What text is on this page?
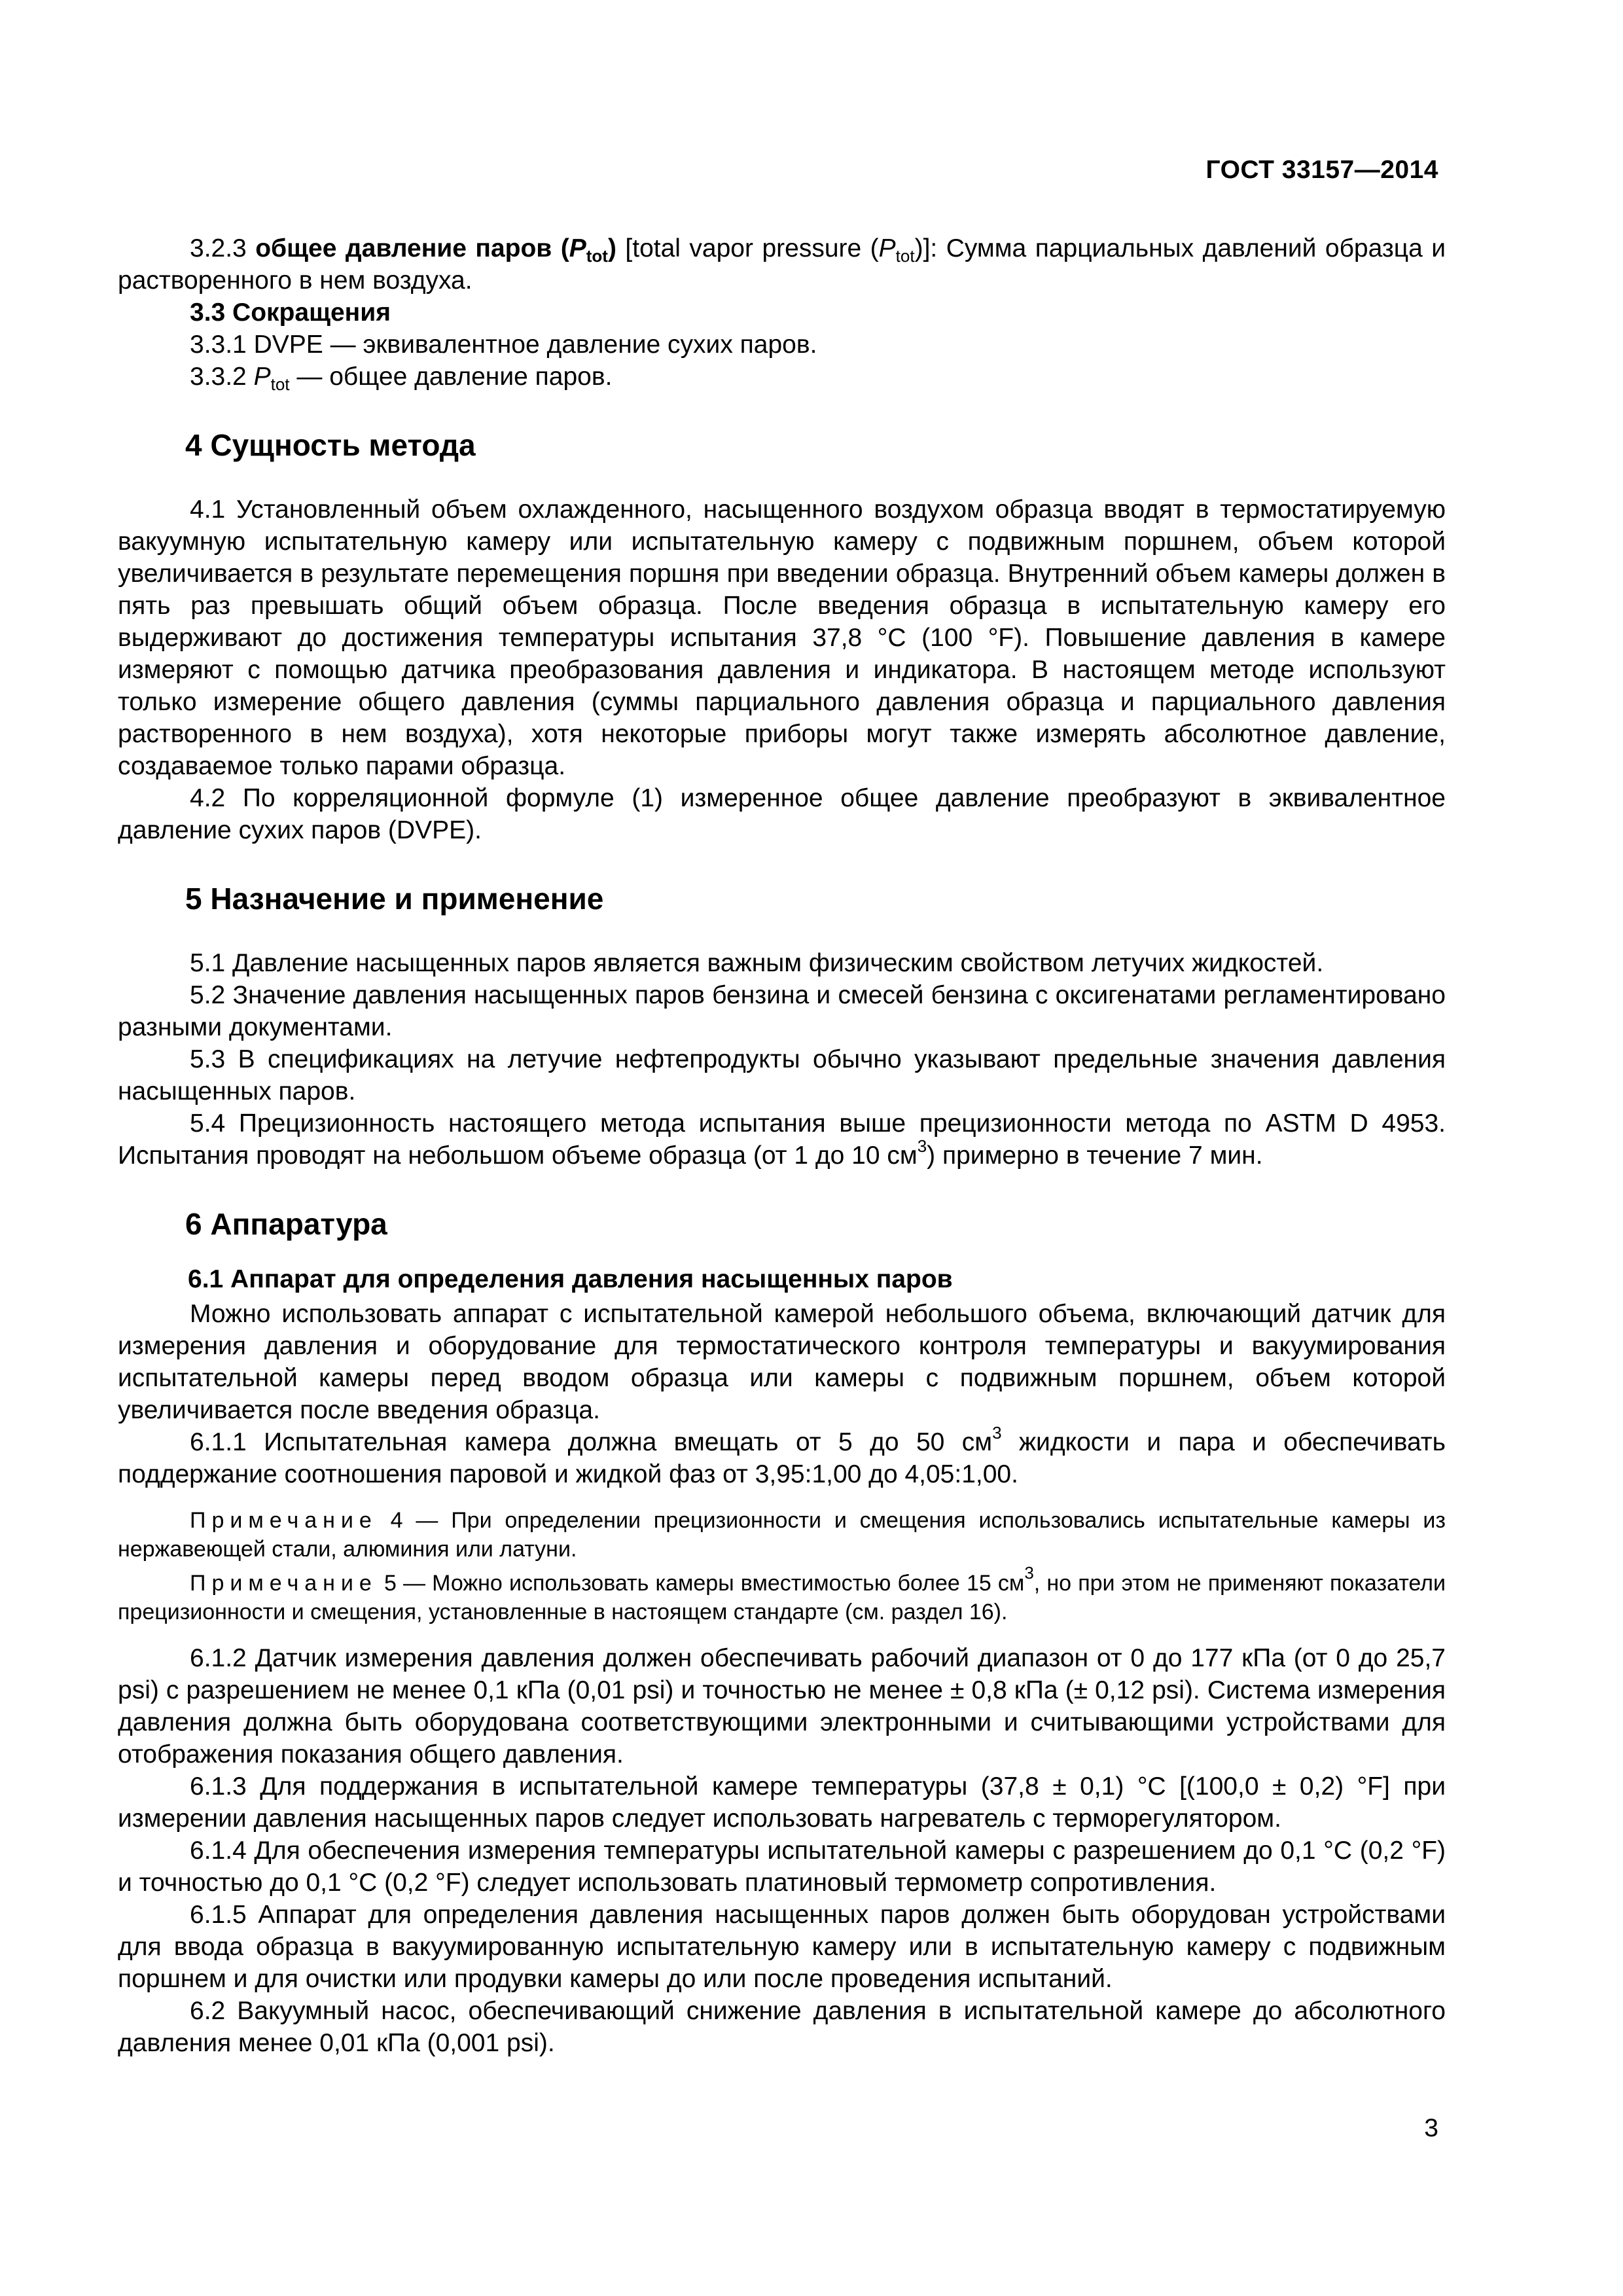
ГОСТ 33157—2014

3.2.3 общее давление паров $(P_{tot})$ [total vapor pressure $(P_{tot})$]: Сумма парциальных давлений образца и растворенного в нем воздуха.

3.3 Сокращения

3.3.1 DVPE — эквивалентное давление сухих паров.

3.3.2 $P_{tot}$ — общее давление паров.

4 Сущность метода

4.1 Установленный объем охлажденного, насыщенного воздухом образца вводят в термостатируемую вакуумную испытательную камеру или испытательную камеру с подвижным поршнем, объем которой увеличивается в результате перемещения поршня при введении образца. Внутренний объем камеры должен в пять раз превышать общий объем образца. После введения образца в испытательную камеру его выдерживают до достижения температуры испытания 37,8 °С (100 °F). Повышение давления в камере измеряют с помощью датчика преобразования давления и индикатора. В настоящем методе используют только измерение общего давления (суммы парциального давления образца и парциального давления растворенного в нем воздуха), хотя некоторые приборы могут также измерять абсолютное давление, создаваемое только парами образца.

4.2 По корреляционной формуле (1) измеренное общее давление преобразуют в эквивалентное давление сухих паров (DVPE).

5 Назначение и применение

5.1 Давление насыщенных паров является важным физическим свойством летучих жидкостей.

5.2 Значение давления насыщенных паров бензина и смесей бензина с оксигенатами регламентировано разными документами.

5.3 В спецификациях на летучие нефтепродукты обычно указывают предельные значения давления насыщенных паров.

5.4 Прецизионность настоящего метода испытания выше прецизионности метода по ASTM D 4953. Испытания проводят на небольшом объеме образца (от 1 до 10 $см^3$) примерно в течение 7 мин.

6 Аппаратура
6.1 Аппарат для определения давления насыщенных паров

Можно использовать аппарат с испытательной камерой небольшого объема, включающий датчик для измерения давления и оборудование для термостатического контроля температуры и вакуумирования испытательной камеры перед вводом образца или камеры с подвижным поршнем, объем которой увеличивается после введения образца.

6.1.1 Испытательная камера должна вмещать от 5 до 50 $см^3$ жидкости и пара и обеспечивать поддержание соотношения паровой и жидкой фаз от 3,95:1,00 до 4,05:1,00.

Примечание 4 — При определении прецизионности и смещения использовались испытательные камеры из нержавеющей стали, алюминия или латуни.

Примечание 5 — Можно использовать камеры вместимостью более 15 $см^3$, но при этом не применяют показатели прецизионности и смещения, установленные в настоящем стандарте (см. раздел 16).

6.1.2 Датчик измерения давления должен обеспечивать рабочий диапазон от 0 до 177 кПа (от 0 до 25,7 psi) с разрешением не менее 0,1 кПа (0,01 psi) и точностью не менее ± 0,8 кПа (± 0,12 psi). Система измерения давления должна быть оборудована соответствующими электронными и считывающими устройствами для отображения показания общего давления.

6.1.3 Для поддержания в испытательной камере температуры (37,8 ± 0,1) °С [(100,0 ± 0,2) °F] при измерении давления насыщенных паров следует использовать нагреватель с терморегулятором.

6.1.4 Для обеспечения измерения температуры испытательной камеры с разрешением до 0,1 °С (0,2 °F) и точностью до 0,1 °С (0,2 °F) следует использовать платиновый термометр сопротивления.

6.1.5 Аппарат для определения давления насыщенных паров должен быть оборудован устройствами для ввода образца в вакуумированную испытательную камеру или в испытательную камеру с подвижным поршнем и для очистки или продувки камеры до или после проведения испытаний.

6.2 Вакуумный насос, обеспечивающий снижение давления в испытательной камере до абсолютного давления менее 0,01 кПа (0,001 psi).

3
